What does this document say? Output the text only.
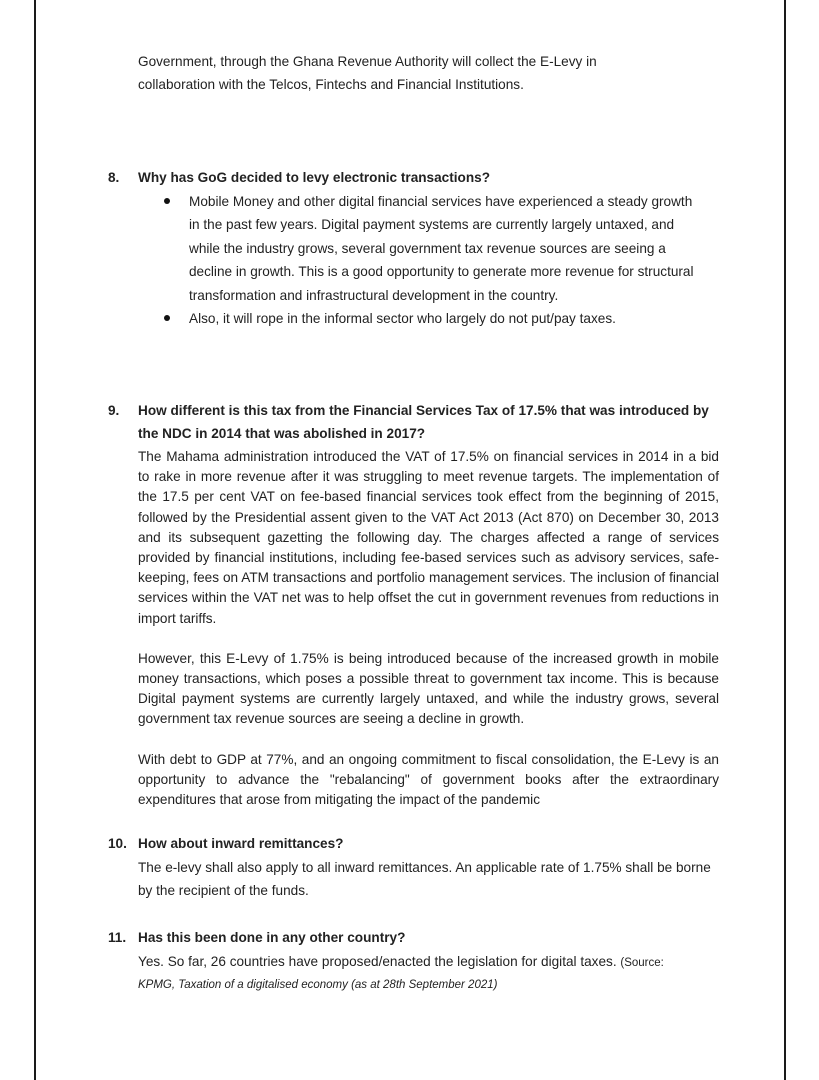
Government, through the Ghana Revenue Authority will collect the E-Levy in

collaboration with the Telcos, Fintechs and Financial Institutions.

8. Why has GoG decided to levy electronic transactions?
Mobile Money and other digital financial services have experienced a steady growth in the past few years. Digital payment systems are currently largely untaxed, and while the industry grows, several government tax revenue sources are seeing a decline in growth. This is a good opportunity to generate more revenue for structural transformation and infrastructural development in the country.
Also, it will rope in the informal sector who largely do not put/pay taxes.
9. How different is this tax from the Financial Services Tax of 17.5% that was introduced by the NDC in 2014 that was abolished in 2017?

The Mahama administration introduced the VAT of 17.5% on financial services in 2014 in a bid to rake in more revenue after it was struggling to meet revenue targets. The implementation of the 17.5 per cent VAT on fee-based financial services took effect from the beginning of 2015, followed by the Presidential assent given to the VAT Act 2013 (Act 870) on December 30, 2013 and its subsequent gazetting the following day. The charges affected a range of services provided by financial institutions, including fee-based services such as advisory services, safe-keeping, fees on ATM transactions and portfolio management services. The inclusion of financial services within the VAT net was to help offset the cut in government revenues from reductions in import tariffs.

However, this E-Levy of 1.75% is being introduced because of the increased growth in mobile money transactions, which poses a possible threat to government tax income. This is because Digital payment systems are currently largely untaxed, and while the industry grows, several government tax revenue sources are seeing a decline in growth.

With debt to GDP at 77%, and an ongoing commitment to fiscal consolidation, the E-Levy is an opportunity to advance the "rebalancing" of government books after the extraordinary expenditures that arose from mitigating the impact of the pandemic

10. How about inward remittances?

The e-levy shall also apply to all inward remittances. An applicable rate of 1.75% shall be borne by the recipient of the funds.

11. Has this been done in any other country?

Yes. So far, 26 countries have proposed/enacted the legislation for digital taxes. (Source:

KPMG, Taxation of a digitalised economy (as at 28th September 2021)
